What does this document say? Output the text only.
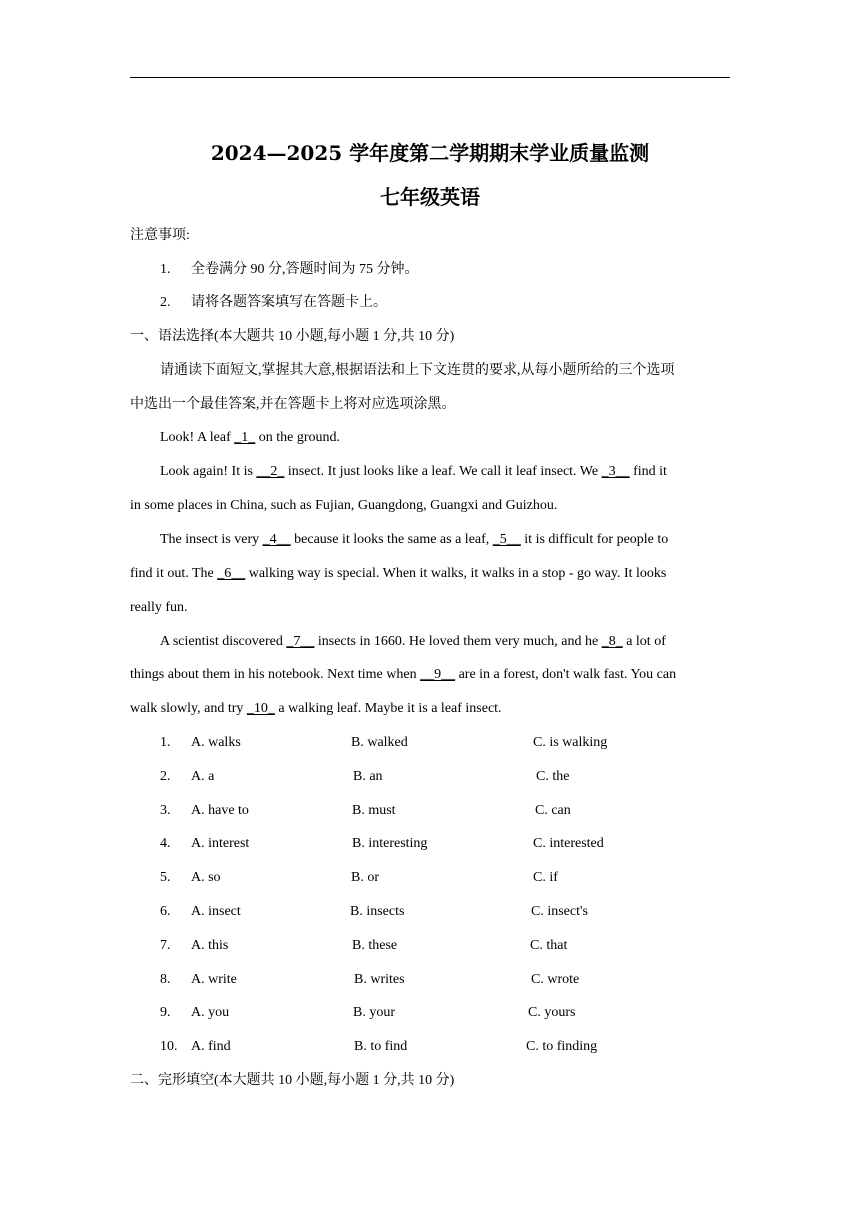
2024—2025 学年度第二学期期末学业质量监测
七年级英语
注意事项:
1. 全卷满分 90 分,答题时间为 75 分钟。
2. 请将各题答案填写在答题卡上。
一、语法选择(本大题共 10 小题,每小题 1 分,共 10 分)
请通读下面短文,掌握其大意,根据语法和上下文连贯的要求,从每小题所给的三个选项
中选出一个最佳答案,并在答题卡上将对应选项涂黑。
Look! A leaf _1_ on the ground.
Look again! It is __2_ insect. It just looks like a leaf. We call it leaf insect. We _3__ find it
in some places in China, such as Fujian, Guangdong, Guangxi and Guizhou.
The insect is very _4__ because it looks the same as a leaf, _5__ it is difficult for people to
find it out. The _6__ walking way is special. When it walks, it walks in a stop - go way. It looks
really fun.
A scientist discovered _7__ insects in 1660. He loved them very much, and he _8_ a lot of
things about them in his notebook. Next time when __9__ are in a forest, don't walk fast. You can
walk slowly, and try _10_ a walking leaf. Maybe it is a leaf insect.
1. A. walks	B. walked	C. is walking
2. A. a	B. an	C. the
3. A. have to	B. must	C. can
4. A. interest	B. interesting	C. interested
5. A. so	B. or	C. if
6. A. insect	B. insects	C. insect's
7. A. this	B. these	C. that
8. A. write	B. writes	C. wrote
9. A. you	B. your	C. yours
10. A. find	B. to find	C. to finding
二、完形填空(本大题共 10 小题,每小题 1 分,共 10 分)
